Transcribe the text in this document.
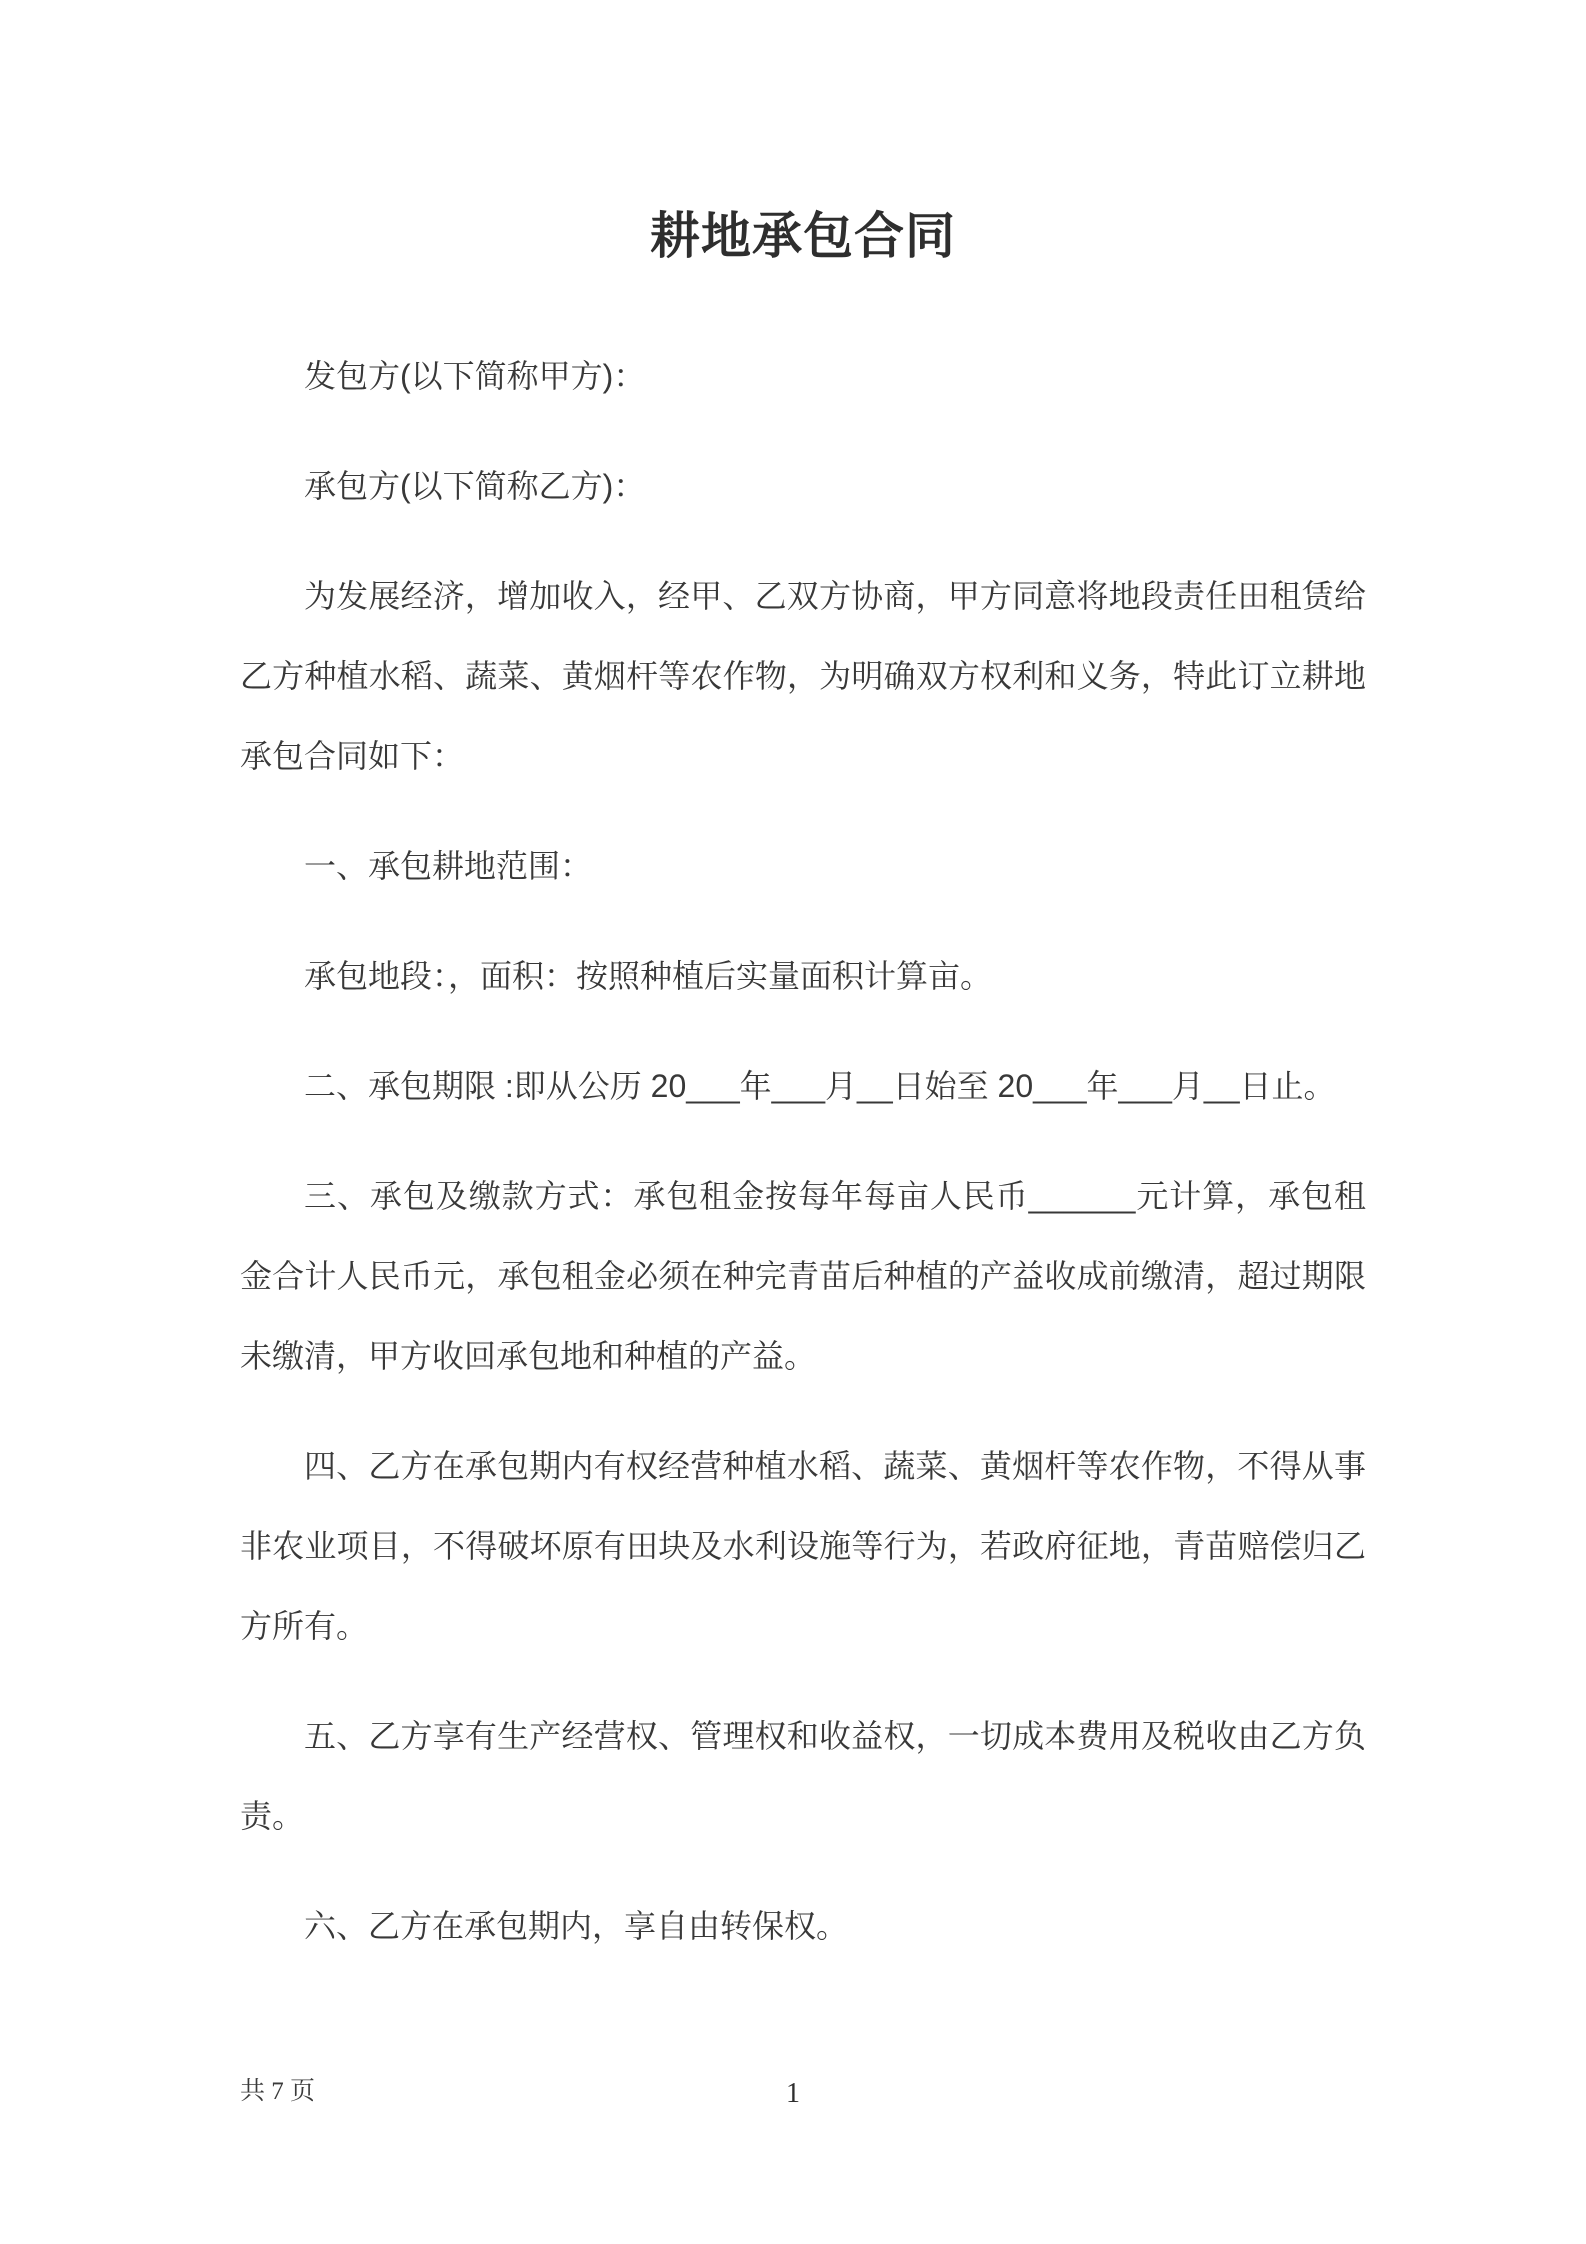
耕地承包合同

发包方(以下简称甲方)：

承包方(以下简称乙方)：

为发展经济，增加收入，经甲、乙双方协商，甲方同意将地段责任田租赁给乙方种植水稻、蔬菜、黄烟杆等农作物，为明确双方权利和义务，特此订立耕地承包合同如下：

一、承包耕地范围：

承包地段：，面积：按照种植后实量面积计算亩。

二、承包期限 :即从公历 20___年___月__日始至 20___年___月__日止。

三、承包及缴款方式：承包租金按每年每亩人民币______元计算，承包租金合计人民币元，承包租金必须在种完青苗后种植的产益收成前缴清，超过期限未缴清，甲方收回承包地和种植的产益。

四、乙方在承包期内有权经营种植水稻、蔬菜、黄烟杆等农作物，不得从事非农业项目，不得破坏原有田块及水利设施等行为，若政府征地，青苗赔偿归乙方所有。

五、乙方享有生产经营权、管理权和收益权，一切成本费用及税收由乙方负责。

六、乙方在承包期内，享自由转保权。

共 7 页	1
